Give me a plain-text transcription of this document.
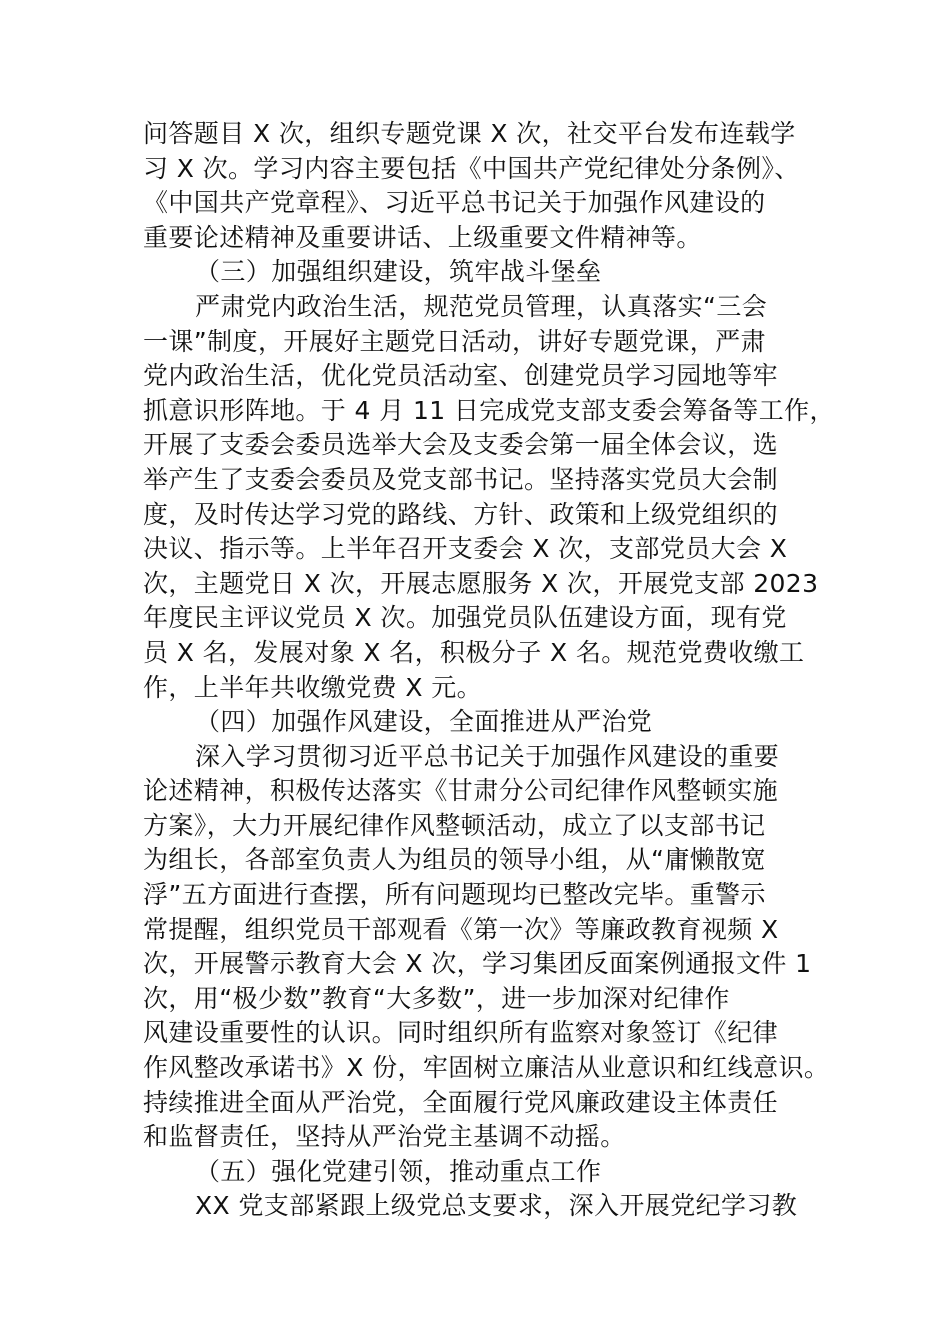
问答题目 X 次，组织专题党课 X 次，社交平台发布连载学
习 X 次。学习内容主要包括《中国共产党纪律处分条例》、
《中国共产党章程》、习近平总书记关于加强作风建设的
重要论述精神及重要讲话、上级重要文件精神等。
（三）加强组织建设，筑牢战斗堡垒
严肃党内政治生活，规范党员管理，认真落实“三会
一课”制度，开展好主题党日活动，讲好专题党课，严肃
党内政治生活，优化党员活动室、创建党员学习园地等牢
抓意识形阵地。于 4 月 11 日完成党支部支委会筹备等工作，
开展了支委会委员选举大会及支委会第一届全体会议，选
举产生了支委会委员及党支部书记。坚持落实党员大会制
度，及时传达学习党的路线、方针、政策和上级党组织的
决议、指示等。上半年召开支委会 X 次，支部党员大会 X
次，主题党日 X 次，开展志愿服务 X 次，开展党支部 2023
年度民主评议党员 X 次。加强党员队伍建设方面，现有党
员 X 名，发展对象 X 名，积极分子 X 名。规范党费收缴工
作，上半年共收缴党费 X 元。
（四）加强作风建设，全面推进从严治党
深入学习贯彻习近平总书记关于加强作风建设的重要
论述精神，积极传达落实《甘肃分公司纪律作风整顿实施
方案》，大力开展纪律作风整顿活动，成立了以支部书记
为组长，各部室负责人为组员的领导小组，从“庸懒散宽
浮”五方面进行查摆，所有问题现均已整改完毕。重警示
常提醒，组织党员干部观看《第一次》等廉政教育视频 X
次，开展警示教育大会 X 次，学习集团反面案例通报文件 1
次，用“极少数”教育“大多数”，进一步加深对纪律作
风建设重要性的认识。同时组织所有监察对象签订《纪律
作风整改承诺书》X 份，牢固树立廉洁从业意识和红线意识。
持续推进全面从严治党，全面履行党风廉政建设主体责任
和监督责任，坚持从严治党主基调不动摇。
（五）强化党建引领，推动重点工作
XX 党支部紧跟上级党总支要求，深入开展党纪学习教
